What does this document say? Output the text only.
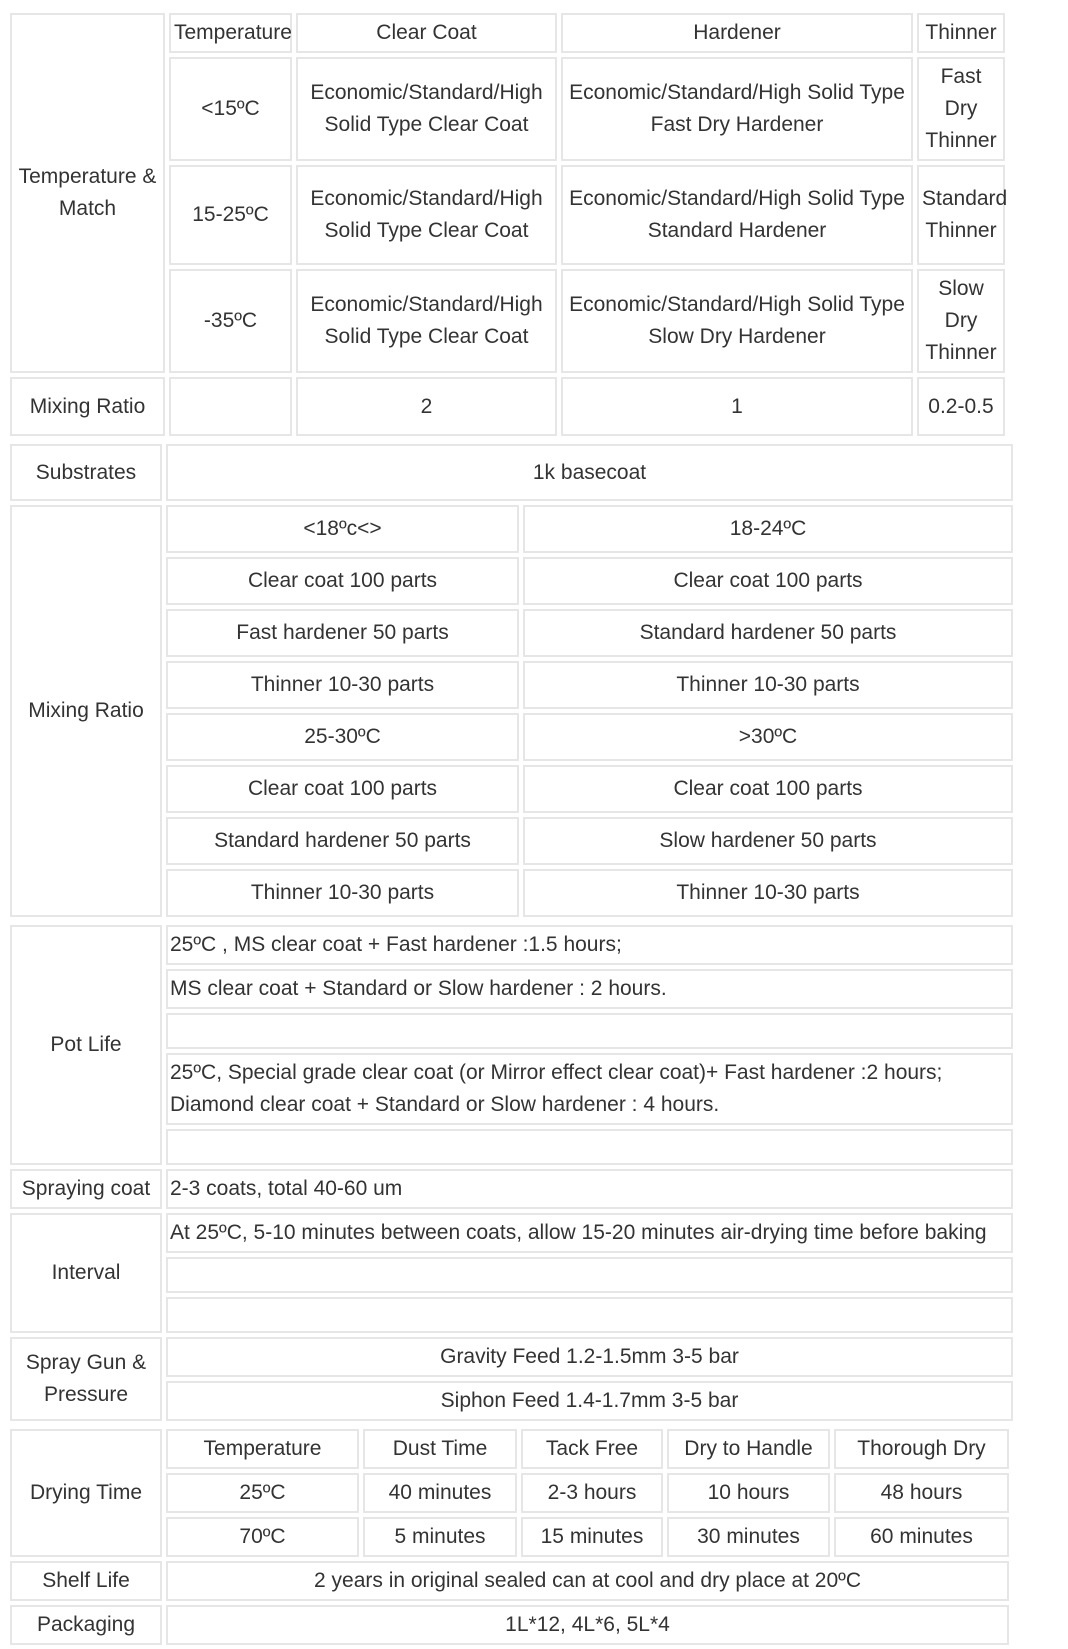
Temperature & Match	Temperature	Clear Coat	Hardener	Thinner
	<15ºC	Economic/Standard/High Solid Type Clear Coat	Economic/Standard/High Solid Type Fast Dry Hardener	Fast Dry Thinner
	15-25ºC	Economic/Standard/High Solid Type Clear Coat	Economic/Standard/High Solid Type Standard Hardener	Standard Thinner
	-35ºC	Economic/Standard/High Solid Type Clear Coat	Economic/Standard/High Solid Type Slow Dry Hardener	Slow Dry Thinner
Mixing Ratio		2	1	0.2-0.5
Substrates	1k basecoat	
Mixing Ratio	<18ºc<>	18-24ºC
	Clear coat 100 parts	Clear coat 100 parts
	Fast hardener 50 parts	Standard hardener 50 parts
	Thinner 10-30 parts	Thinner 10-30 parts
	25-30ºC	>30ºC
	Clear coat 100 parts	Clear coat 100 parts
	Standard hardener 50 parts	Slow hardener 50 parts
	Thinner 10-30 parts	Thinner 10-30 parts
Pot Life	25ºC , MS clear coat + Fast hardener :1.5 hours;
	MS clear coat + Standard or Slow hardener : 2 hours.

	25ºC, Special grade clear coat (or Mirror effect clear coat)+ Fast hardener :2 hours;
Diamond clear coat + Standard or Slow hardener : 4 hours.

Spraying coat	2-3 coats, total 40-60 um
Interval	At 25ºC, 5-10 minutes between coats, allow 15-20 minutes air-drying time before baking

Spray Gun & Pressure	Gravity Feed 1.2-1.5mm 3-5 bar
	Siphon Feed 1.4-1.7mm 3-5 bar
Drying Time	Temperature	Dust Time	Tack Free	Dry to Handle	Thorough Dry
	25ºC	40 minutes	2-3 hours	10 hours	48 hours
	70ºC	5 minutes	15 minutes	30 minutes	60 minutes
Shelf Life	2 years in original sealed can at cool and dry place at 20ºC				
Packaging	1L*12, 4L*6, 5L*4				
